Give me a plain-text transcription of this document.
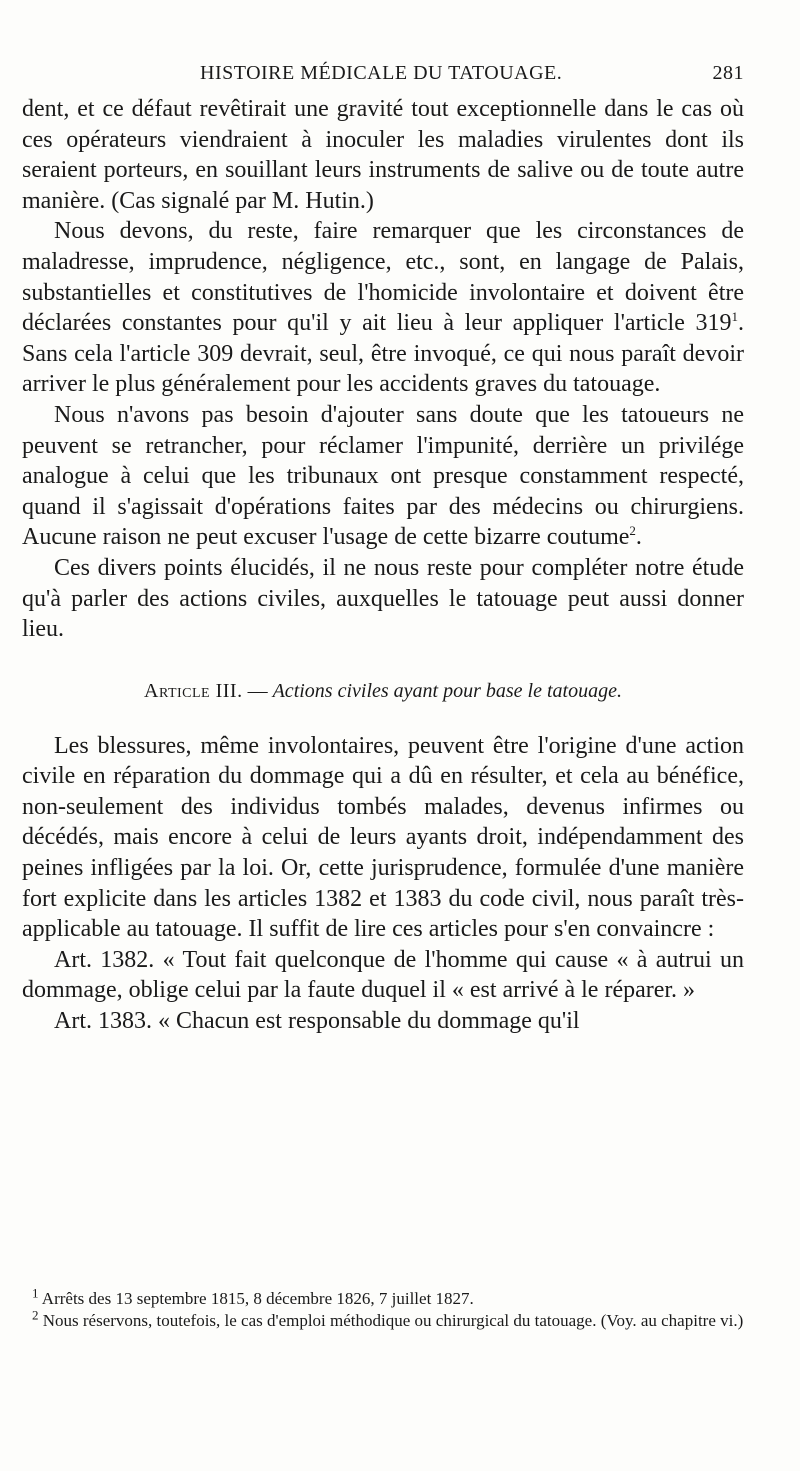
HISTOIRE MÉDICALE DU TATOUAGE.	281

dent, et ce défaut revêtirait une gravité tout exceptionnelle dans le cas où ces opérateurs viendraient à inoculer les maladies virulentes dont ils seraient porteurs, en souillant leurs instruments de salive ou de toute autre manière. (Cas signalé par M. Hutin.)

Nous devons, du reste, faire remarquer que les circonstances de maladresse, imprudence, négligence, etc., sont, en langage de Palais, substantielles et constitutives de l'homicide involontaire et doivent être déclarées constantes pour qu'il y ait lieu à leur appliquer l'article $319^1$. Sans cela l'article 309 devrait, seul, être invoqué, ce qui nous paraît devoir arriver le plus généralement pour les accidents graves du tatouage.

Nous n'avons pas besoin d'ajouter sans doute que les tatoueurs ne peuvent se retrancher, pour réclamer l'impunité, derrière un privilége analogue à celui que les tribunaux ont presque constamment respecté, quand il s'agissait d'opérations faites par des médecins ou chirurgiens. Aucune raison ne peut excuser l'usage de cette bizarre coutume$^2$.

Ces divers points élucidés, il ne nous reste pour compléter notre étude qu'à parler des actions civiles, auxquelles le tatouage peut aussi donner lieu.

Article III. — Actions civiles ayant pour base le tatouage.

Les blessures, même involontaires, peuvent être l'origine d'une action civile en réparation du dommage qui a dû en résulter, et cela au bénéfice, non-seulement des individus tombés malades, devenus infirmes ou décédés, mais encore à celui de leurs ayants droit, indépendamment des peines infligées par la loi. Or, cette jurisprudence, formulée d'une manière fort explicite dans les articles 1382 et 1383 du code civil, nous paraît très-applicable au tatouage. Il suffit de lire ces articles pour s'en convaincre :

Art. 1382. « Tout fait quelconque de l'homme qui cause « à autrui un dommage, oblige celui par la faute duquel il « est arrivé à le réparer. »

Art. 1383. « Chacun est responsable du dommage qu'il

$^1$ Arrêts des 13 septembre 1815, 8 décembre 1826, 7 juillet 1827.

$^2$ Nous réservons, toutefois, le cas d'emploi méthodique ou chirurgical du tatouage. (Voy. au chapitre vi.)
